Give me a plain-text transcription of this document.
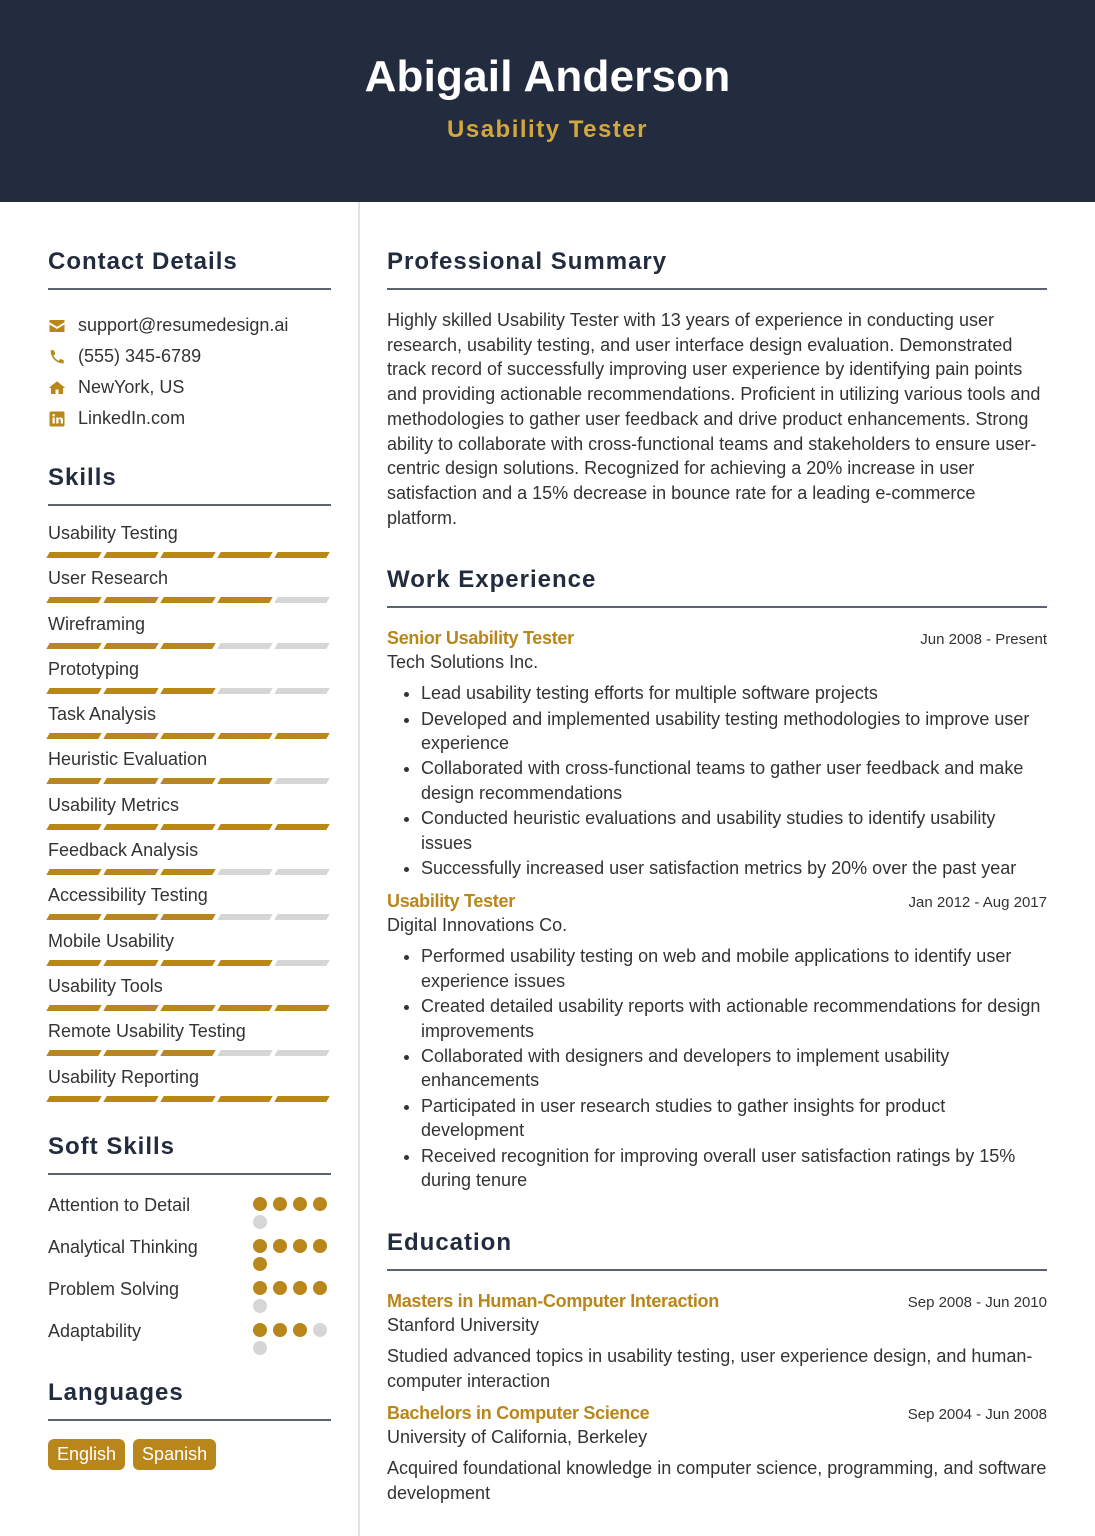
Abigail Anderson
Usability Tester
Contact Details
support@resumedesign.ai
(555) 345-6789
NewYork, US
LinkedIn.com
Skills
Usability Testing
User Research
Wireframing
Prototyping
Task Analysis
Heuristic Evaluation
Usability Metrics
Feedback Analysis
Accessibility Testing
Mobile Usability
Usability Tools
Remote Usability Testing
Usability Reporting
Soft Skills
Attention to Detail
Analytical Thinking
Problem Solving
Adaptability
Languages
English	Spanish
Professional Summary

Highly skilled Usability Tester with 13 years of experience in conducting user research, usability testing, and user interface design evaluation. Demonstrated track record of successfully improving user experience by identifying pain points and providing actionable recommendations. Proficient in utilizing various tools and methodologies to gather user feedback and drive product enhancements. Strong ability to collaborate with cross-functional teams and stakeholders to ensure user-centric design solutions. Recognized for achieving a 20% increase in user satisfaction and a 15% decrease in bounce rate for a leading e-commerce platform.

Work Experience
Senior Usability Tester	Jun 2008 - Present
Tech Solutions Inc.
• Lead usability testing efforts for multiple software projects
• Developed and implemented usability testing methodologies to improve user experience
• Collaborated with cross-functional teams to gather user feedback and make design recommendations
• Conducted heuristic evaluations and usability studies to identify usability issues
• Successfully increased user satisfaction metrics by 20% over the past year
Usability Tester	Jan 2012 - Aug 2017
Digital Innovations Co.
• Performed usability testing on web and mobile applications to identify user experience issues
• Created detailed usability reports with actionable recommendations for design improvements
• Collaborated with designers and developers to implement usability enhancements
• Participated in user research studies to gather insights for product development
• Received recognition for improving overall user satisfaction ratings by 15% during tenure
Education
Masters in Human-Computer Interaction	Sep 2008 - Jun 2010
Stanford University
Studied advanced topics in usability testing, user experience design, and human-computer interaction
Bachelors in Computer Science	Sep 2004 - Jun 2008
University of California, Berkeley
Acquired foundational knowledge in computer science, programming, and software development
